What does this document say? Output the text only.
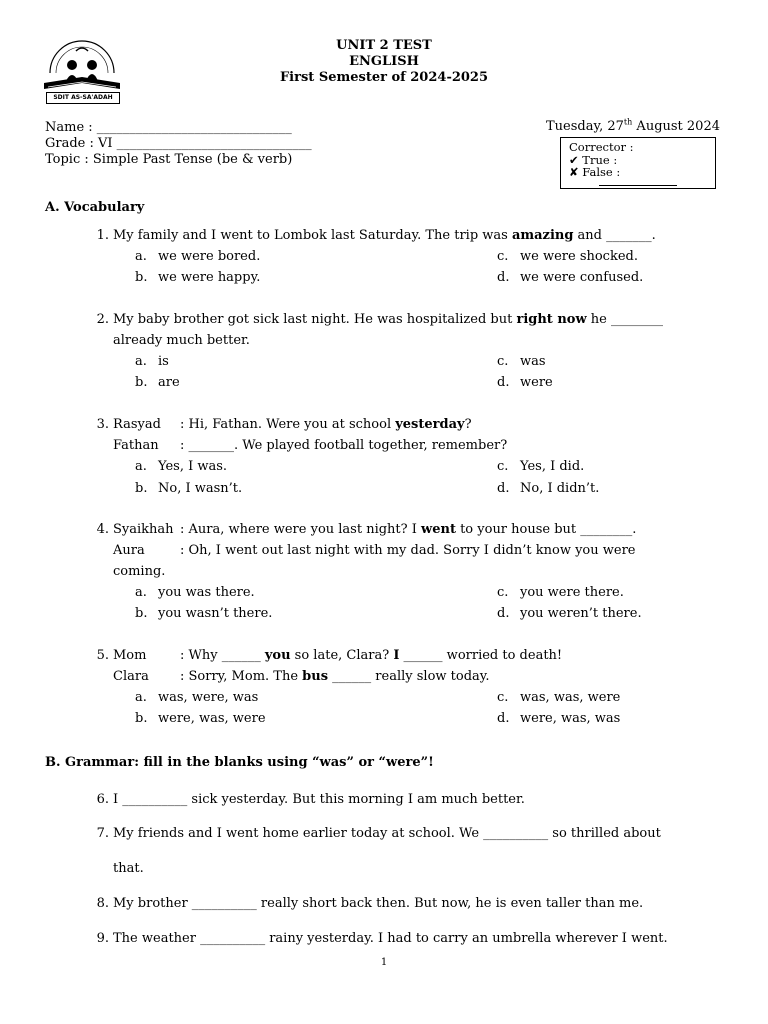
SDIT AS-SA'ADAH
UNIT 2 TEST
ENGLISH
First Semester of 2024-2025
Name : ______________________________
Grade : VI ______________________________
Topic : Simple Past Tense (be & verb)
Tuesday, 27th August 2024
Corrector :
✔ True :
✘ False :
A. Vocabulary
1. My family and I went to Lombok last Saturday. The trip was amazing and _______.
a. we were bored.	c. we were shocked.
b. we were happy.	d. we were confused.
2. My baby brother got sick last night. He was hospitalized but right now he ________
already much better.
a. is	c. was
b. are	d. were
3. Rasyad : Hi, Fathan. Were you at school yesterday?
Fathan : _______. We played football together, remember?
a. Yes, I was.	c. Yes, I did.
b. No, I wasn’t.	d. No, I didn’t.
4. Syaikhah : Aura, where were you last night? I went to your house but ________.
Aura	: Oh, I went out last night with my dad. Sorry I didn’t know you were
coming.
a. you was there.	c. you were there.
b. you wasn’t there.	d. you weren’t there.
5. Mom	: Why ______ you so late, Clara? I ______ worried to death!
Clara : Sorry, Mom. The bus ______ really slow today.
a. was, were, was	c. was, was, were
b. were, was, were	d. were, was, was
B. Grammar: fill in the blanks using “was” or “were”!
6. I __________ sick yesterday. But this morning I am much better.
7. My friends and I went home earlier today at school. We __________ so thrilled about
that.
8. My brother __________ really short back then. But now, he is even taller than me.
9. The weather __________ rainy yesterday. I had to carry an umbrella wherever I went.
1
